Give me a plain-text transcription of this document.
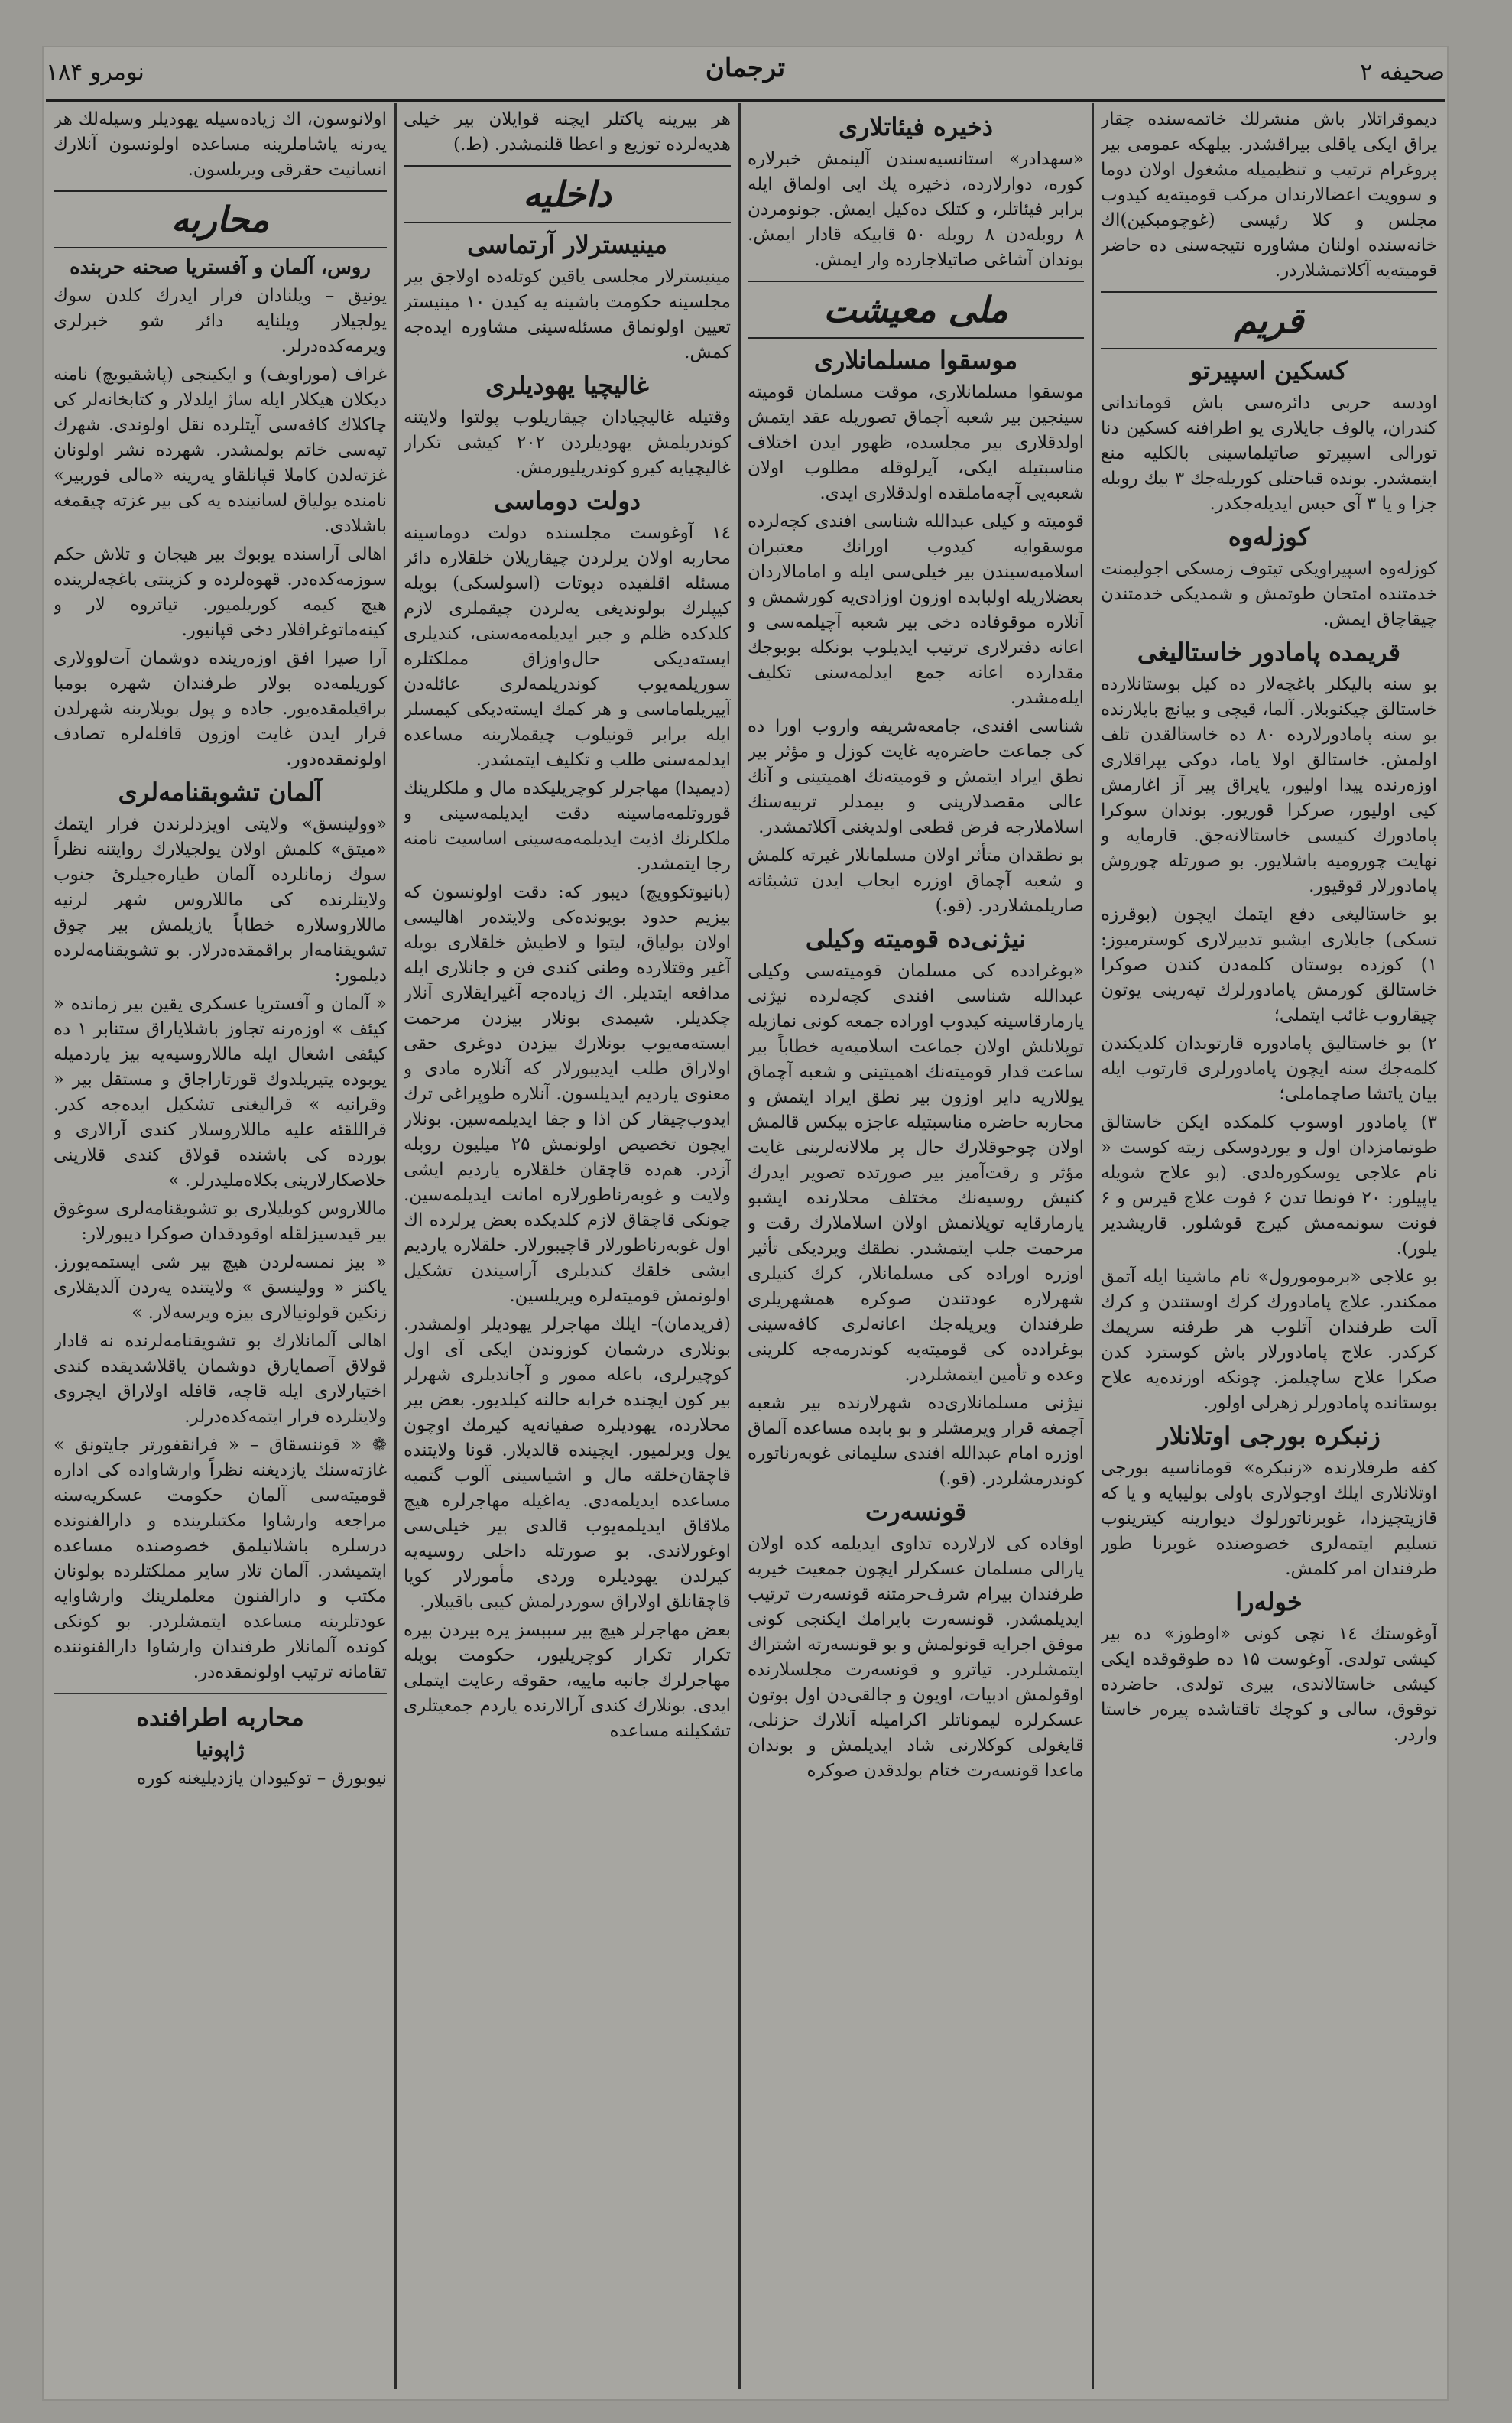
صحیفه ۲
ترجمان
نومرو ۱۸۴

دیموقراتلار باش منشرلك خاتمه‌سنده چقار یراق ایکی یاقلی بیراقشدر. بیلهکه عمومی بیر پروغرام ترتیب و تنظیمیله مشغول اولان دوما و سوویت اعضالارندان مرکب قومیته‌یه کیدوب مجلس و کلا رئیسی (غوچومبکین)‌اك خانه‌سنده اولنان مشاوره نتیجه‌سنی ده حاضر قومیته‌یه آکلاتمشلاردر.

قریم
کسکین اسپیرتو

اودسه حربی دائره‌سی باش قوماندانی کندران، یالوف جایلاری یو اطرافنه کسکین دنا تورالی اسپیرتو صاتیلماسینی بالکلیه منع ایتمشدر. بونده قباحتلی کوریله‌جك ۳ بیك روبله جزا و یا ۳ آی حبس ایدیله‌جکدر.

کوزله‌وه

کوزله‌وه اسپیراویکی تیتوف زمسکی اجولیمنت خدمتنده امتحان طوتمش و شمدیکی خدمتندن چیقاچاق ایمش.

قریمده پامادور خاستالیغی

بو سنه بالیکلر باغچه‌لار ده کیل بوستانلارده خاستالق چیکنوبلار. آلما، قیچی و بیانچ بایلارنده بو سنه پامادورلارده ۸۰ ده خاستالقدن تلف اولمش. خاستالق اولا یاما، دوکی یپراقلاری اوزه‌رنده پیدا اولیور، یاپراق پیر آز اغارمش کیی اولیور، صرکرا قوریور. بوندان سوکرا پامادورك کنیسی خاستالانه‌جق. قارمایه و نهایت چورومیه باشلایور. بو صورتله چوروش پامادورلار قوقیور.

بو خاستالیغی دفع ایتمك ایچون (بوقرزه تسکی) جایلاری ایشبو تدبیرلاری کوسترمیوز: ۱) کوزده بوستان کلمه‌دن کندن صوکرا خاستالق کورمش پامادورلرك تپه‌رینی یوتون چیقاروب غائب ایتملی؛

۲) بو خاستالیق پامادوره قارتوبدان کلدیکندن کلمه‌جك سنه ایچون پامادورلری قارتوب ایله بیان یاتشا صاچماملی؛

۳) پامادور اوسوب کلمکده ایکن خاستالق طوتمامزدان اول و یوردوسکی زیته کوست « نام علاجی یوسکوره‌لدی. (بو علاج شویله یاپیلور: ۲۰ فونطا تدن ۶ فوت علاج قیرس و ۶ فونت سونمه‌مش کیرج قوشلور. قاریشدیر یلور).

بو علاجی «برمومورول» نام ماشینا ایله آتمق ممکندر. علاج پامادورك کرك اوستندن و کرك آلت طرفندان آتلوب هر طرفنه سرپمك کرکدر. علاج پامادورلار باش کوسترد کدن صکرا علاج ساچیلمز. چونکه اوزنده‌یه علاج بوستانده پامادورلر زهرلی اولور.

زنبکره بورجی اوتلانلار

کفه طرفلارنده «زنبکره» قوماناسیه بورجی اوتلانلاری ایلك اوجولاری با‌ولی بولیبایه و یا که قازیتچیزدا، غوبرناتورلوك دیوارینه کیترینوب تسلیم ایتمه‌لری خصوصنده غوبرنا طور طرفندان امر کلمش.

خولەرا

آوغوستك ۱٤ نچی کونی «اوطوز» ده بیر کیشی تولدی. آوغوست ۱۵ ده طوقوقده ایکی کیشی خاستالاندی، بیری تولدی. حاضرده توقوق، سالی و کوچك تاقتاشده پیره‌ر خاستا واردر.

ذخیره فیئاتلاری

«سهدادر» استانسیه‌سندن آلینمش خبرلاره کوره، دوارلارده، ذخیره پك ایی اولماق ایله برابر فیئاتلر، و کتلک ده‌کیل ایمش. جونومردن ۸ روبلەدن ۸ روبله ۵۰ قابیکه قادار ایمش. بوندان آشاغی صاتیلاجارده وار ایمش.

ملی معیشت
موسقوا مسلمانلاری

موسقوا مسلمانلاری، موقت مسلمان قومیته سینجین بیر شعبه آچماق تصوریله عقد ایتمش اولدقلاری بیر مجلسده، ظهور ایدن اختلاف مناسبتیله ایکی، آیرلوقله مطلوب اولان شعبه‌یی آچه‌ماملقده اولدقلاری ایدی.

قومیته و کیلی عبدالله شناسی افندی کچه‌لرده موسقوایه کیدوب اورانك معتبران اسلامیه‌سیندن بیر خیلی‌سی ایله و امامالاردان بعضلاریله اولبابده اوزون اوزادی‌یه کورشمش و آنلاره موقوفاده دخی بیر شعبه آچیلمه‌سی و اعانه دفترلاری ترتیب ایدیلوب بونکله بوبوجك مقدارده اعانه جمع ایدلمه‌سنی تکلیف ایله‌مشدر.

شناسی افندی، جامعه‌شریفه واروب اورا ده کی جماعت حاضره‌یه غایت کوزل و مؤثر بیر نطق ایراد ایتمش و قومیته‌نك اهمیتینی و آنك عالی مقصدلارینی و بیمدلر تربیه‌سنك اسلاملارجه فرض قطعی اولدیغنی آکلاتمشدر.

بو نطقدان متأثر اولان مسلمانلار غیرته کلمش و شعبه آچماق اوزره ایجاب ایدن تشبثاته صاریلمشلاردر. (قو.)

نیژنی‌ده قومیته وکیلی

«بوغرادده کی مسلمان قومیته‌سی و‌کیلی عبدالله شناسی افندی کچه‌لرده نیژنی یارمارقاسینه کیدوب اوراده جمعه کونی نمازیله توپلانلش اولان جماعت اسلامیه‌یه خطاباً بیر ساعت قدار قومیته‌نك اهمیتینی و شعبه آچماق یوللاریه دایر اوزون بیر نطق ایراد ایتمش و محاربه حاضره مناسبتیله عاجزه بیکس قالمش اولان چوجوقلارك حال پر ملالانه‌لرینی غایت مؤثر و رقت‌آمیز بیر صورتده تصویر ایدرك کنیش روسیه‌نك مختلف محلارنده ایشبو یارمارقایه توپلانمش اولان اسلاملارك رقت و مرحمت جلب ایتمشدر. نطقك ویردیکی تأثیر اوزره اوراده کی مسلمانلار، کرك کنیلری شهرلاره عودتندن صوکره همشهریلری طرفندان ویریله‌جك اعانه‌لری کافه‌سینی بوغرادده کی قومیته‌یه کوندرمه‌جه کلرینی وعده و تأمین ایتمشلردر.

نیژنی مسلمانلاری‌ده شهرلارنده بیر شعبه آچمغه قرار ویرمشلر و بو بابده مساعده آلماق اوزره امام عبدالله افندی سلیمانی غوبه‌رناتوره کوندرمشلردر. (قو.)

قونسەرت

اوفاده کی لارلارده تداوی ایدیلمه کده اولان یارالی مسلمان عسکرلر ایچون جمعیت خیریه طرفندان بیرام شرف‌حرمتنه قونسه‌رت ترتیب ایدیلمشدر. قونسه‌رت بایرامك ایکنجی کونی موفق اجرایه قونولمش و بو قونسه‌رته اشتراك ایتمشلردر. تیاترو و قونسه‌رت مجلسلارنده اوقولمش ادبیات، اویون و جالقی‌دن اول بوتون عسکرلره لیموناتلر اکرامیله آنلارك حزنلی، قایغولی کوکلارنی شاد ایدیلمش و بوندان ماعدا قونسه‌رت ختام بولدقدن صوکره

هر بیرینه پاکتلر ایچنه قوایلان بیر خیلی هدیه‌لرده توزیع و اعطا قلنمشدر. (ط.)

داخلیه
مینیسترلار آرتماسی

مینیسترلار مجلسی یاقین کوتله‌ده اولاجق بیر مجلسینه حکومت باشینه یه کیدن ۱۰ مینیستر تعیین اولونماق مسئله‌سینی مشاوره ایده‌جه کمش.

غالیچیا یهودیلری

وقتیله غالیچیادان چیقاریلوب پولتوا ولایتنه کوندریلمش یهودیلردن ۲۰۲ کیشی تکرار غالیچیایه کیرو کوندریلیورمش.

دولت دوماسی

۱٤ آوغوست مجلسنده دولت دوماسینه محاربه اولان یرلردن چیقاریلان خلقلاره دائر مسئله اقلفیده دپوتات (اسولسکی) بویله کیپلرك بولوندیغی یه‌لردن چیقملری لازم کلدکده ظلم و جبر ایدیلمه‌مه‌سنی، کندیلری ایسته‌دیکی حال‌واوزاق مملکتلره سوریلمه‌یوب کوندریلمه‌لری عائله‌دن آییریلماماسی و هر کمك ایسته‌دیکی کیمسلر ایله برابر قونیلوب چیقملارینه مساعده ایدلمه‌سنی طلب و تکلیف ایتمشدر.

(دیمیدا) مهاجرلر کوچریلیکده مال و ملکلرینك قوروتلمه‌ماسینه دقت ایدیلمه‌سینی و ملکلرنك اذیت ایدیلمه‌مه‌سینی اساسیت نامنه رجا ایتمشدر.

(بانیوتکوویچ) دیبور که: دقت اولونسون که بیزیم حدود بویونده‌کی ولایتده‌ر اهالیسی اولان بولیاق، لیتوا و لاطیش خلقلاری بویله آغیر وقتلارده وطنی کندی فن و جانلاری ایله مدافعه ایتدیلر. اك زیاده‌جه آغیر‌ایقلاری آنلار چکدیلر. شیمدی بونلار بیزدن مرحمت ایسته‌مه‌یوب بونلارك بیزدن دوغری حقی اولاراق طلب ایدیبورلار که آنلاره مادی و معنوی یاردیم ایدیلسون. آنلاره طوپراغی ترك ایدوب‌چیقار کن اذا و جفا ایدیلمه‌سین. بونلار ایچون تخصیص اولونمش ۲۵ میلیون روبله آزدر. هم‌ده قاچقان خلقلاره یاردیم ایشی ولایت و غوبه‌رناطورلاره امانت ایدیلمه‌سین. چونکی قاچقاق لازم کلدیکده بعض یرلرده اك اول غوبه‌رناطورلار قاچیبورلار. خلقلاره یاردیم ایشی خلقك کندیلری آراسیندن تشکیل اولونمش قومیته‌لره ویریلسین.

(فریدمان)- ایلك مهاجرلر یهودیلر او‌لمشدر. بونلاری درشمان کوزوندن ایکی آی اول کوچیرلری، با‌عله ممور و آجاندیلری شهرلر بیر کون ایچنده خرابه حالنه کیلدیور. بعض بیر محلارده، یهودیلره صفیانه‌یه کیرمك اوچون یول ویرلمیور. ایچینده قالدیلار. قونا ولایتنده قاچقان‌خلقه مال و اشیاسینی آلوب گتمیه مساعده ایدیلمه‌دی. یه‌اغیله مهاجرلره هیچ ملاقاق ایدیلمه‌یوب قالدی بیر خیلی‌سی اوغورلاندی. بو صورتله داخلی روسیه‌یه کیرلدن یهودیلره وردی مأمورلار کویا قاچقانلق اولاراق سوردر‌لمش کیبی باقیبلار.

بعض مهاجرلر هیچ بیر سببسز یره بیردن بیره تکرار تکرار کوچریلیور، حکومت بویله مهاجرلرك جانبه ماییه، حقوقه رعایت ایتملی ایدی. بونلارك کندی آرالارنده یاردم جمعیتلری تشکیلنه مساعده

اولانوسون، اك زیاده‌سیله یهودیلر وسیله‌لك هر یه‌رنه یاشاملرینه مساعده اولونسون آنلارك انسانیت حقرقی ویریلسون.

محاربه
روس، آلمان و آفستریا صحنه حربنده

یونیق – ویلنادان فرار ایدرك کلدن سوك یولجیلار ویلنایه دائر شو خبرلری ویرمه‌کده‌درلر.

غراف (موراویف) و ایکینجی (پاشقیویچ) نامنه دیکلان هیکلار ایله ساژ ایلدلار و کتابخانه‌لر کی چاکلاك کافه‌سی آیتلرده نقل اولوندی. شهرك تپه‌سی خاتم بولمشدر. شهرده نشر اولونان غزته‌لدن کاملا قپانلقاو یه‌رینه «مالی فوربیر» نامنده یولیاق لسانینده یه کی بیر غزته چیقمغه باشلادی.

اهالی آراسنده یوبوك بیر هیجان و تلاش حکم سوزمه‌کده‌در. قهوه‌لرده و کزینتی باغچه‌لرینده هیچ کیمه کوریلمیور. تیاتروه لار و کینه‌ماتوغرافلار دخی قپانیور.

آرا صیرا افق اوزه‌رینده دوشمان آت‌لوولاری کوریلمه‌ده بولار طرفندان شهره بومبا براقیلمقده‌یور. جاده و پول بویلارینه شهرلدن فرار ایدن غایت اوزون قافله‌لره تصادف اولونمقده‌دور.

آلمان تشوبقنامه‌لری

«وولینسق» ولایتی اویزدلرندن فرار ایتمك «میتق» کلمش اولان یولجیلارك روایتنه نظراً سوك زمانلرده آلمان طیاره‌جیلرئ جنوب ولایتلرنده کی ماللاروس شهر لرنیه ماللاروسلاره خطاباً یازیلمش بیر چوق تشویقنامه‌ار براقمقده‌درلار. بو تشویقنامه‌لرده دیلمور:

« آلمان و آفستریا عسکری یقین بیر زمانده « کیئف » اوزه‌رنه تجاوز باشلایاراق ستنابر ۱ ده کیئفی اشغال ایله ماللاروسیه‌یه بیز یاردمیله یوبوده یتیریلدوك قورتاراجاق و مستقل بیر « وقرانیه » قرالیغنی تشکیل ایده‌جه کدر. قراللقئه علیه ماللاروسلار کندی آرالاری و بورده‌ کی باشنده قولاق کندی قلارینی خلاصکارلارینی بکلاه‌ملیدرلر. »

ماللاروس کویلیلاری بو تشویقنامه‌لری سوغوق بیر قیدسیزلقله اوقودقدان صوکرا دیبورلار:

« بیز نمسه‌لردن هیچ بیر شی ایستمه‌یورز. یاکنز « وولینسق » ولایتنده یه‌ردن آلدیقلار‌ی زنکین قولونیالاری بیزه ویرسه‌لار. »

اهالی آلمانلارك بو تشویقنامه‌لرنده نه قادار قولاق آصمایارق دوشمان یاقلاشدیقده کندی اختیارلاری ایله قاچه، قافله اولاراق ایچروی ولایتلرده فرار ایتمه‌کده‌درلر.

❁ « قوننسقاق – « فرانقفورتر جایتونق » غازته‌سنك یازدیغنه نظراً وارشاواده کی اداره قومیته‌سی آلمان حکومت عسکریه‌سنه مراجعه وارشاوا مکتبلرینده و دارالفنونده درسلره باشلانیلمق خصوصنده مساعده ایتمیشدر. آلمان تلار سایر مملکتلرده بولونان مکتب و دارالفنون معلملرینك وارشاوایه عودتلرینه مساعده ایتمشلردر. بو کونکی کونده آلمانلار طرفندان وارشاوا دارالفنوننده تقامانه ترتیب اولونمقده‌در.

محاربه اطرافنده
ژاپونیا

نیوبورق – توکیودان یازدیلیغنه کوره
